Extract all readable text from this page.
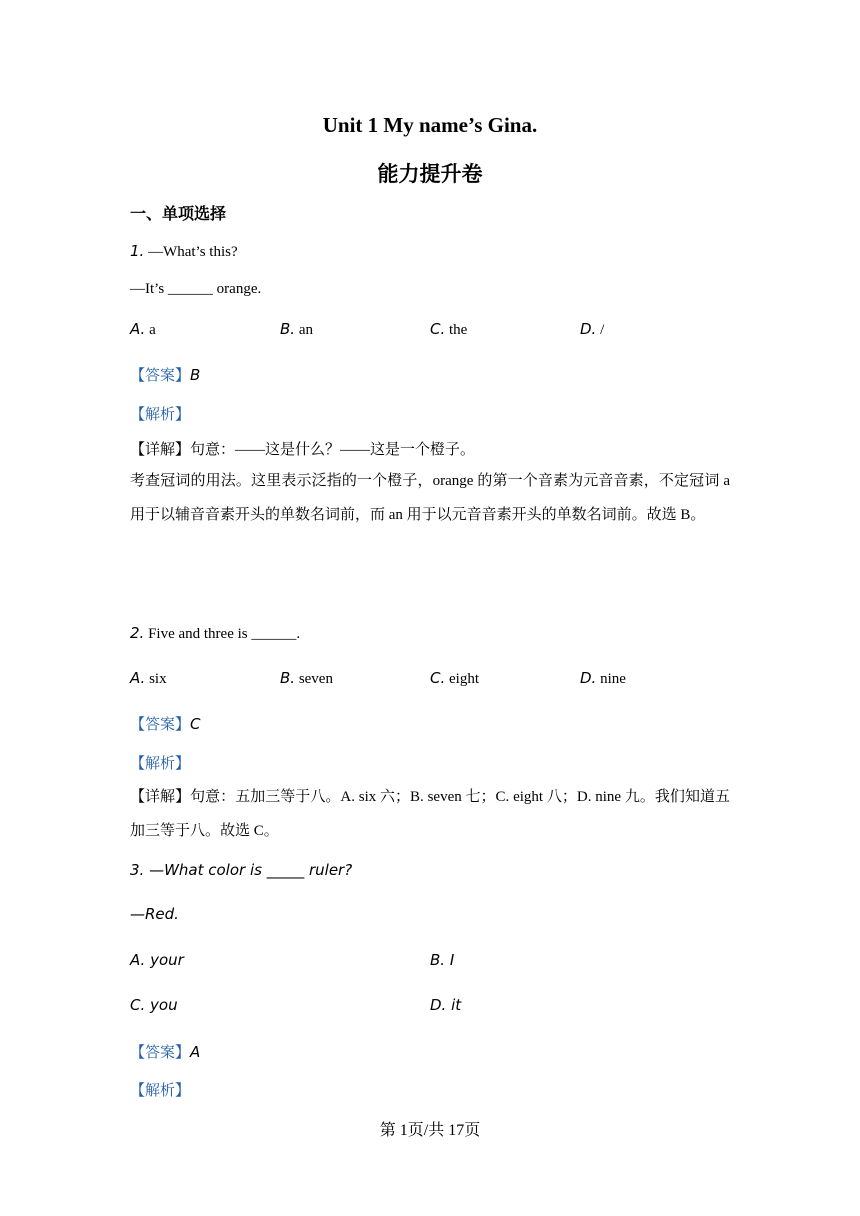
Unit 1 My name’s Gina.
能力提升卷
一、单项选择
1. —What’s this?
—It’s ______ orange.
A. a	B. an	C. the	D. /
【答案】B
【解析】
【详解】句意：——这是什么？——这是一个橙子。
考查冠词的用法。这里表示泛指的一个橙子，orange 的第一个音素为元音音素，不定冠词 a 用于以辅音音素开头的单数名词前，而 an 用于以元音音素开头的单数名词前。故选 B。
2. Five and three is ______.
A. six	B. seven	C. eight	D. nine
【答案】C
【解析】
【详解】句意：五加三等于八。A. six 六；B. seven 七；C. eight 八；D. nine 九。我们知道五加三等于八。故选 C。
3. —What color is _____ ruler?
—Red.
A. your	B. I
C. you	D. it
【答案】A
【解析】
第 1页/共 17页
